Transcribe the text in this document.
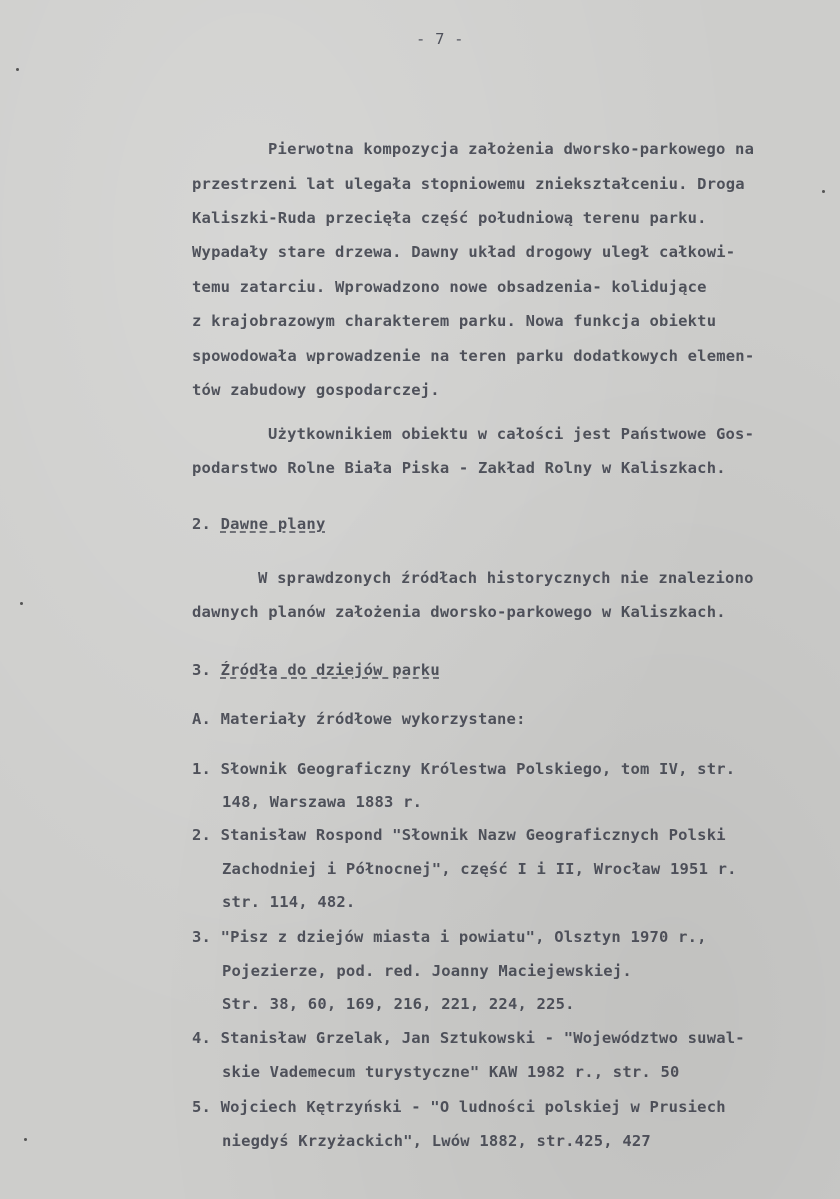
- 7 -
Pierwotna kompozycja założenia dworsko-parkowego na
przestrzeni lat ulegała stopniowemu zniekształceniu. Droga
Kaliszki-Ruda przecięła część południową terenu parku.
Wypadały stare drzewa. Dawny układ drogowy uległ całkowi-
temu zatarciu. Wprowadzono nowe obsadzenia- kolidujące
z krajobrazowym charakterem parku. Nowa funkcja obiektu
spowodowała wprowadzenie na teren parku dodatkowych elemen-
tów zabudowy gospodarczej.
Użytkownikiem obiektu w całości jest Państwowe Gos-
podarstwo Rolne Biała Piska - Zakład Rolny w Kaliszkach.
2. Dawne plany
W sprawdzonych źródłach historycznych nie znaleziono
dawnych planów założenia dworsko-parkowego w Kaliszkach.
3. Źródła do dziejów parku
A. Materiały źródłowe wykorzystane:
1. Słownik Geograficzny Królestwa Polskiego, tom IV, str.
148, Warszawa 1883 r.
2. Stanisław Rospond "Słownik Nazw Geograficznych Polski
Zachodniej i Północnej", część I i II, Wrocław 1951 r.
str. 114, 482.
3. "Pisz z dziejów miasta i powiatu", Olsztyn 1970 r.,
Pojezierze, pod. red. Joanny Maciejewskiej.
Str. 38, 60, 169, 216, 221, 224, 225.
4. Stanisław Grzelak, Jan Sztukowski - "Województwo suwal-
skie Vademecum turystyczne" KAW 1982 r., str. 50
5. Wojciech Kętrzyński - "O ludności polskiej w Prusiech
niegdyś Krzyżackich", Lwów 1882, str.425, 427
